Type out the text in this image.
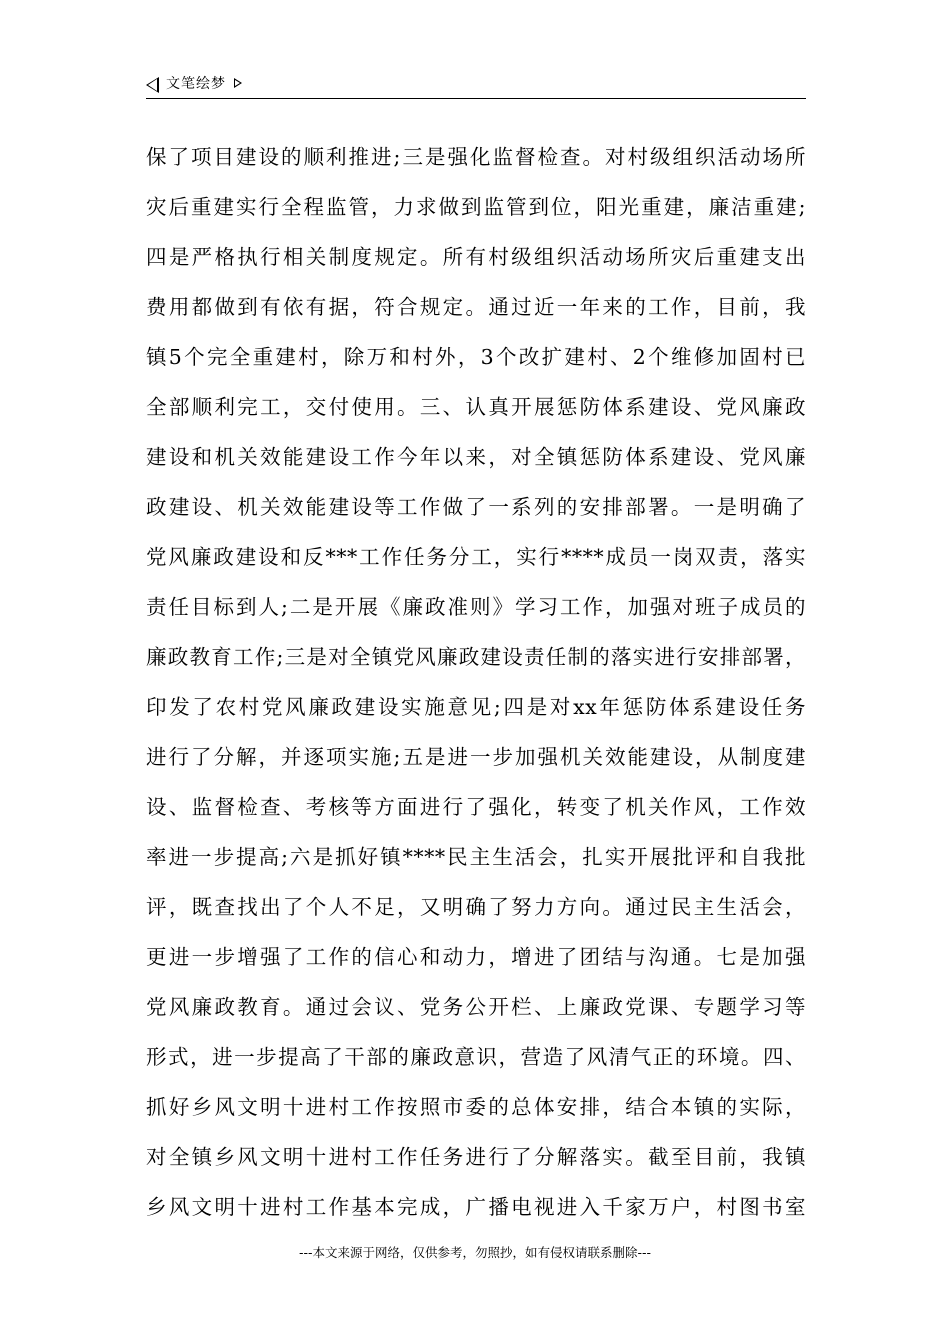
文笔绘梦
保了项目建设的顺利推进;三是强化监督检查。对村级组织活动场所
灾后重建实行全程监管，力求做到监管到位，阳光重建，廉洁重建;
四是严格执行相关制度规定。所有村级组织活动场所灾后重建支出
费用都做到有依有据，符合规定。通过近一年来的工作，目前，我
镇5个完全重建村，除万和村外，3个改扩建村、2个维修加固村已
全部顺利完工，交付使用。三、认真开展惩防体系建设、党风廉政
建设和机关效能建设工作今年以来，对全镇惩防体系建设、党风廉
政建设、机关效能建设等工作做了一系列的安排部署。一是明确了
党风廉政建设和反***工作任务分工，实行****成员一岗双责，落实
责任目标到人;二是开展《廉政准则》学习工作，加强对班子成员的
廉政教育工作;三是对全镇党风廉政建设责任制的落实进行安排部署，
印发了农村党风廉政建设实施意见;四是对xx年惩防体系建设任务
进行了分解，并逐项实施;五是进一步加强机关效能建设，从制度建
设、监督检查、考核等方面进行了强化，转变了机关作风，工作效
率进一步提高;六是抓好镇****民主生活会，扎实开展批评和自我批
评，既查找出了个人不足，又明确了努力方向。通过民主生活会，
更进一步增强了工作的信心和动力，增进了团结与沟通。七是加强
党风廉政教育。通过会议、党务公开栏、上廉政党课、专题学习等
形式，进一步提高了干部的廉政意识，营造了风清气正的环境。四、
抓好乡风文明十进村工作按照市委的总体安排，结合本镇的实际，
对全镇乡风文明十进村工作任务进行了分解落实。截至目前，我镇
乡风文明十进村工作基本完成，广播电视进入千家万户，村图书室
---本文来源于网络，仅供参考，勿照抄，如有侵权请联系删除---
